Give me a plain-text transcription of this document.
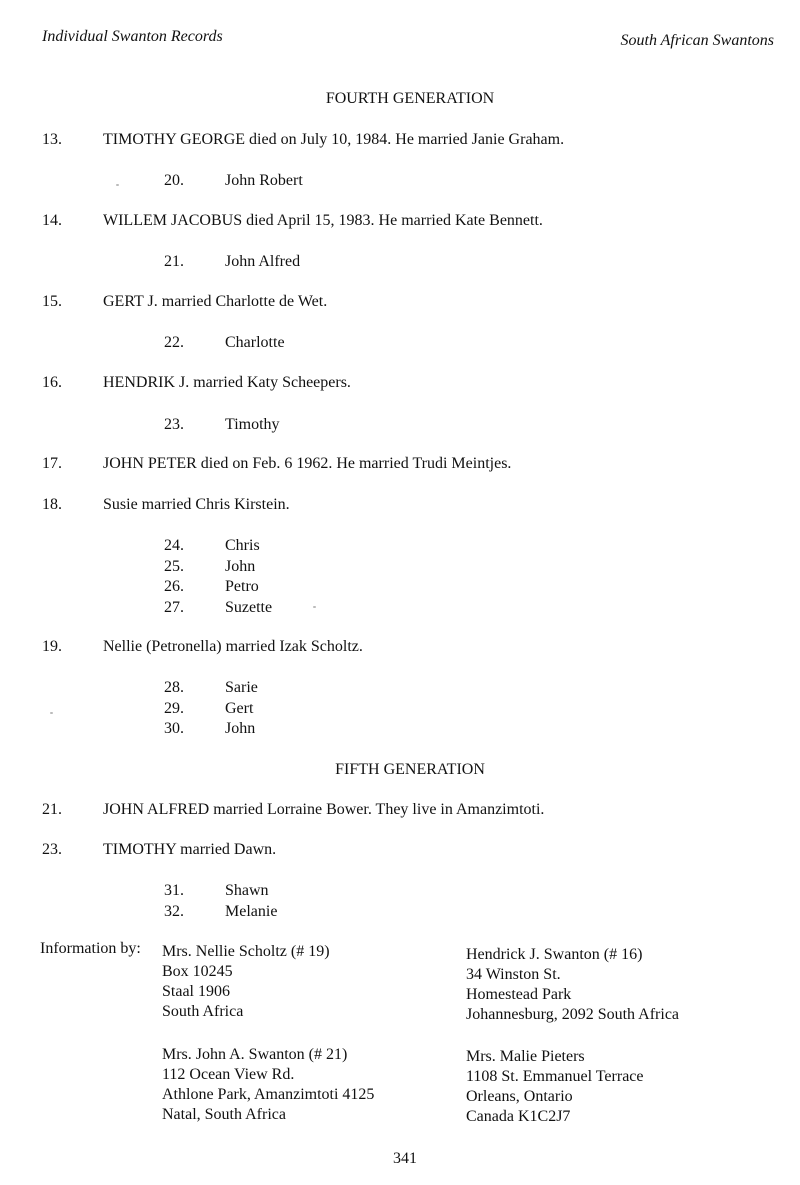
Individual Swanton Records	South African Swantons
FOURTH GENERATION
13.	TIMOTHY GEORGE died on July 10, 1984. He married Janie Graham.
20.	John Robert
14.	WILLEM JACOBUS died April 15, 1983. He married Kate Bennett.
21.	John Alfred
15.	GERT J. married Charlotte de Wet.
22.	Charlotte
16.	HENDRIK J. married Katy Scheepers.
23.	Timothy
17.	JOHN PETER died on Feb. 6 1962. He married Trudi Meintjes.
18.	Susie married Chris Kirstein.
24.	Chris
25.	John
26.	Petro
27.	Suzette
19.	Nellie (Petronella) married Izak Scholtz.
28.	Sarie
29.	Gert
30.	John
FIFTH GENERATION
21.	JOHN ALFRED married Lorraine Bower. They live in Amanzimtoti.
23.	TIMOTHY married Dawn.
31.	Shawn
32.	Melanie
Information by: Mrs. Nellie Scholtz (# 19)
Box 10245
Staal 1906
South Africa
Hendrick J. Swanton (# 16)
34 Winston St.
Homestead Park
Johannesburg, 2092 South Africa
Mrs. John A. Swanton (# 21)
112 Ocean View Rd.
Athlone Park, Amanzimtoti 4125
Natal, South Africa
Mrs. Malie Pieters
1108 St. Emmanuel Terrace
Orleans, Ontario
Canada K1C2J7
341
